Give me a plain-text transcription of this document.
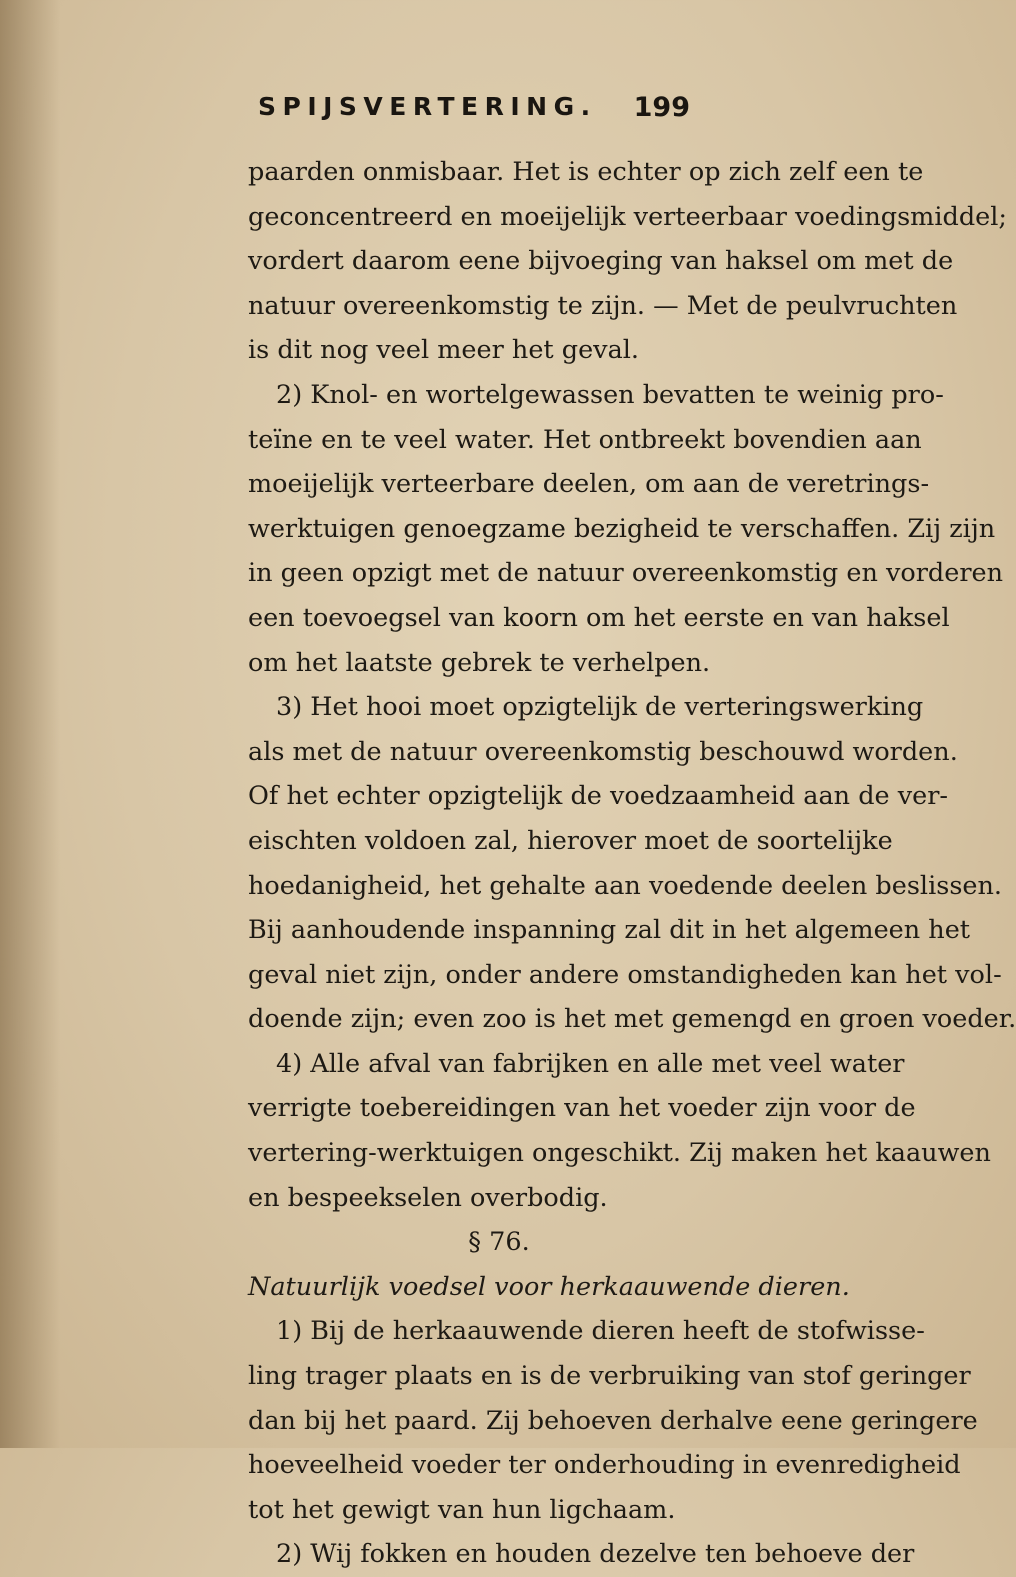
SPIJSVERTERING. 199
paarden onmisbaar. Het is echter op zich zelf een te
geconcentreerd en moeijelijk verteerbaar voedingsmiddel;
vordert daarom eene bijvoeging van haksel om met de
natuur overeenkomstig te zijn. — Met de peulvruchten
is dit nog veel meer het geval.
2) Knol- en wortelgewassen bevatten te weinig pro-
teïne en te veel water. Het ontbreekt bovendien aan
moeijelijk verteerbare deelen, om aan de veretrings-
werktuigen genoegzame bezigheid te verschaffen. Zij zijn
in geen opzigt met de natuur overeenkomstig en vorderen
een toevoegsel van koorn om het eerste en van haksel
om het laatste gebrek te verhelpen.
3) Het hooi moet opzigtelijk de verteringswerking
als met de natuur overeenkomstig beschouwd worden.
Of het echter opzigtelijk de voedzaamheid aan de ver-
eischten voldoen zal, hierover moet de soortelijke
hoedanigheid, het gehalte aan voedende deelen beslissen.
Bij aanhoudende inspanning zal dit in het algemeen het
geval niet zijn, onder andere omstandigheden kan het vol-
doende zijn; even zoo is het met gemengd en groen voeder.
4) Alle afval van fabrijken en alle met veel water
verrigte toebereidingen van het voeder zijn voor de
vertering-werktuigen ongeschikt. Zij maken het kaauwen
en bespeekselen overbodig.
§ 76.
Natuurlijk voedsel voor herkaauwende dieren.
1) Bij de herkaauwende dieren heeft de stofwisse-
ling trager plaats en is de verbruiking van stof geringer
dan bij het paard. Zij behoeven derhalve eene geringere
hoeveelheid voeder ter onderhouding in evenredigheid
tot het gewigt van hun ligchaam.
2) Wij fokken en houden dezelve ten behoeve der
